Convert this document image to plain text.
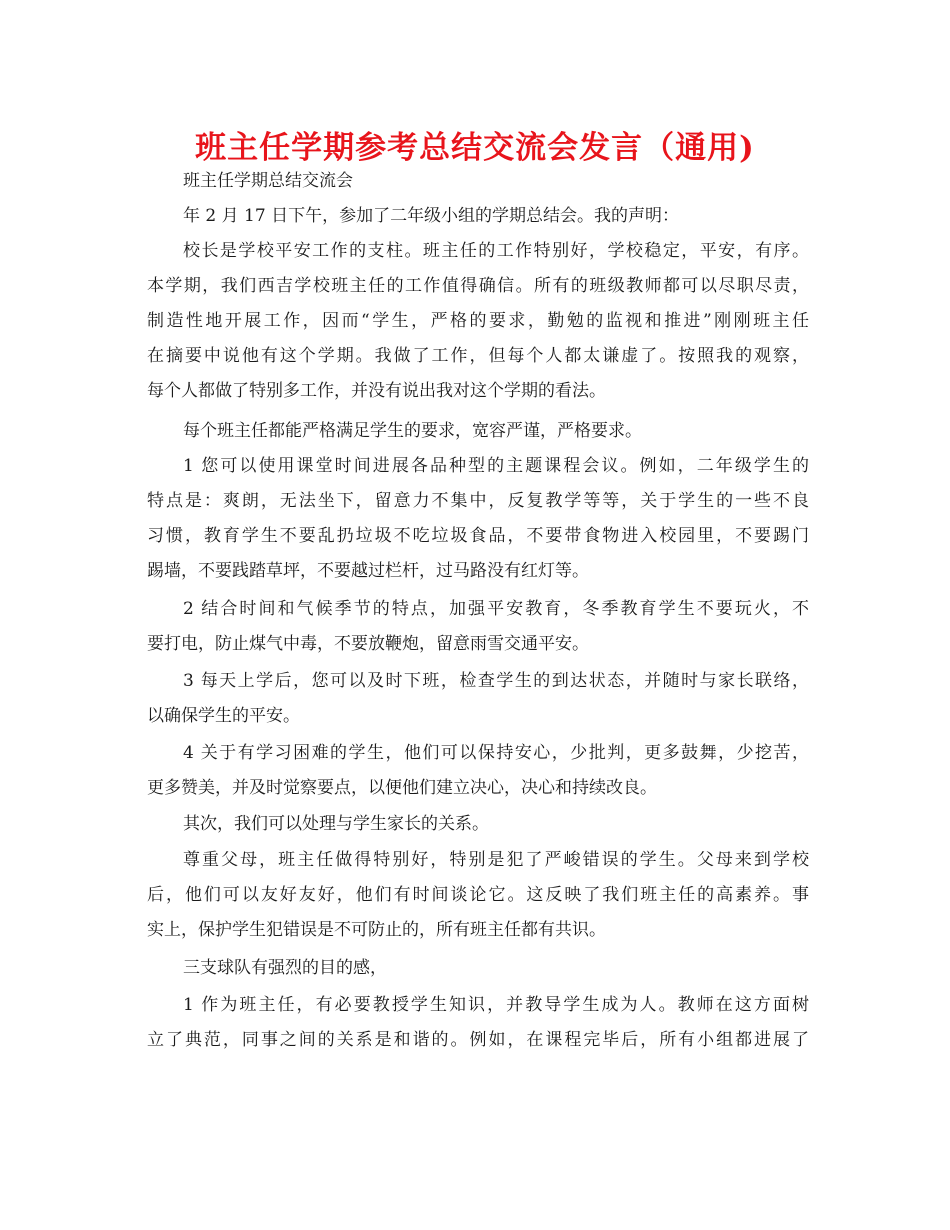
班主任学期参考总结交流会发言（通用)
班主任学期总结交流会
年 2 月 17 日下午，参加了二年级小组的学期总结会。我的声明：
校长是学校平安工作的支柱。班主任的工作特别好，学校稳定，平安，有序。
本学期，我们西吉学校班主任的工作值得确信。所有的班级教师都可以尽职尽责，
制造性地开展工作，因而“学生，严格的要求，勤勉的监视和推进”刚刚班主任
在摘要中说他有这个学期。我做了工作，但每个人都太谦虚了。按照我的观察，
每个人都做了特别多工作，并没有说出我对这个学期的看法。
每个班主任都能严格满足学生的要求，宽容严谨，严格要求。
1 您可以使用课堂时间进展各品种型的主题课程会议。例如，二年级学生的
特点是：爽朗，无法坐下，留意力不集中，反复教学等等，关于学生的一些不良
习惯，教育学生不要乱扔垃圾不吃垃圾食品，不要带食物进入校园里，不要踢门
踢墙，不要践踏草坪，不要越过栏杆，过马路没有红灯等。
2 结合时间和气候季节的特点，加强平安教育，冬季教育学生不要玩火，不
要打电，防止煤气中毒，不要放鞭炮，留意雨雪交通平安。
3 每天上学后，您可以及时下班，检查学生的到达状态，并随时与家长联络，
以确保学生的平安。
4 关于有学习困难的学生，他们可以保持安心，少批判，更多鼓舞，少挖苦，
更多赞美，并及时觉察要点，以便他们建立决心，决心和持续改良。
其次，我们可以处理与学生家长的关系。
尊重父母，班主任做得特别好，特别是犯了严峻错误的学生。父母来到学校
后，他们可以友好友好，他们有时间谈论它。这反映了我们班主任的高素养。事
实上，保护学生犯错误是不可防止的，所有班主任都有共识。
三支球队有强烈的目的感，
1 作为班主任，有必要教授学生知识，并教导学生成为人。教师在这方面树
立了典范，同事之间的关系是和谐的。例如，在课程完毕后，所有小组都进展了
